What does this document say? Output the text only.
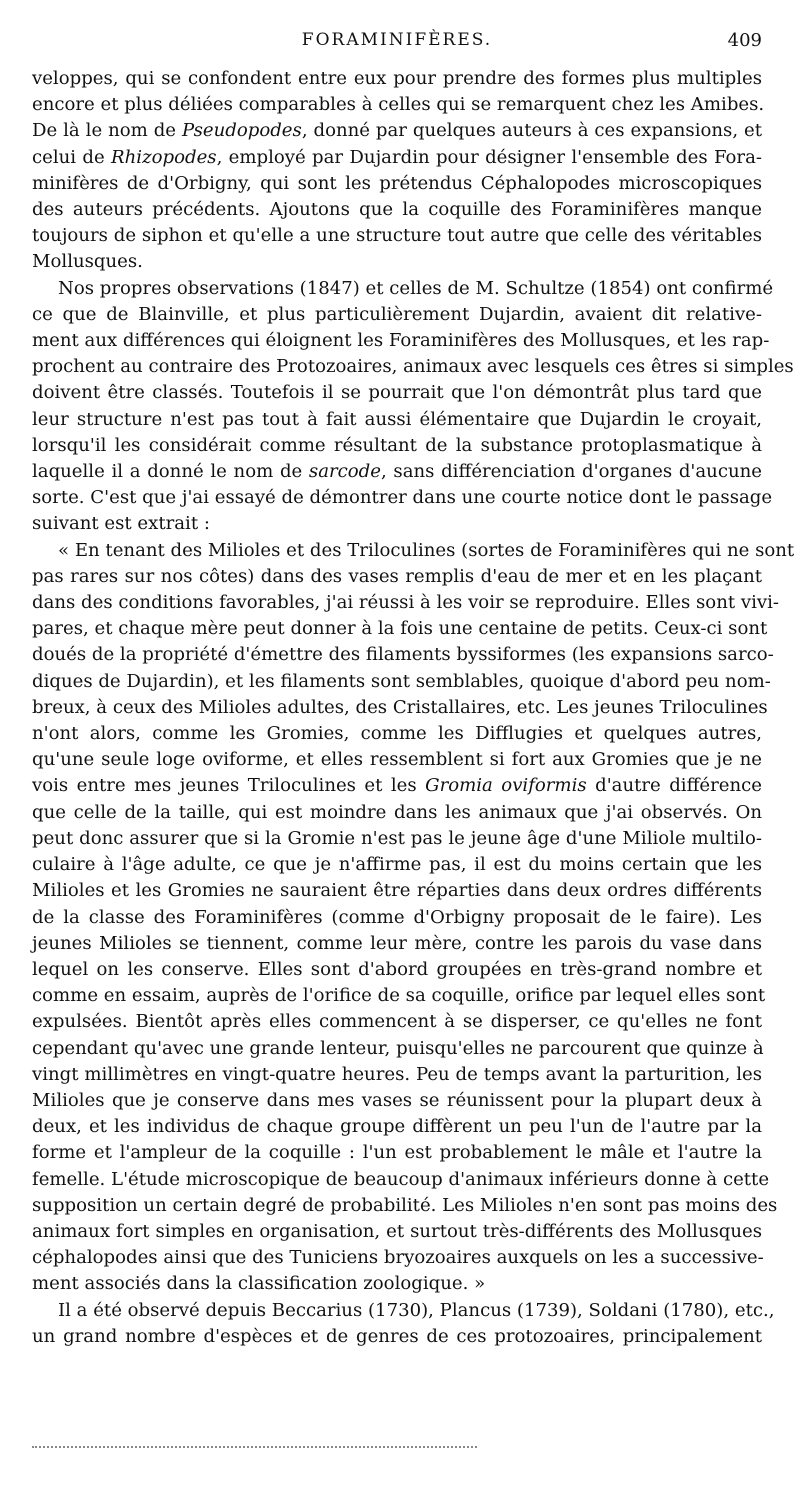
FORAMINIFÈRES.	409
veloppes, qui se confondent entre eux pour prendre des formes plus multiples
encore et plus déliées comparables à celles qui se remarquent chez les Amibes.
De là le nom de Pseudopodes, donné par quelques auteurs à ces expansions, et
celui de Rhizopodes, employé par Dujardin pour désigner l'ensemble des Fora-
minifères de d'Orbigny, qui sont les prétendus Céphalopodes microscopiques
des auteurs précédents. Ajoutons que la coquille des Foraminifères manque
toujours de siphon et qu'elle a une structure tout autre que celle des véritables
Mollusques.
Nos propres observations (1847) et celles de M. Schultze (1854) ont confirmé
ce que de Blainville, et plus particulièrement Dujardin, avaient dit relative-
ment aux différences qui éloignent les Foraminifères des Mollusques, et les rap-
prochent au contraire des Protozoaires, animaux avec lesquels ces êtres si simples
doivent être classés. Toutefois il se pourrait que l'on démontrât plus tard que
leur structure n'est pas tout à fait aussi élémentaire que Dujardin le croyait,
lorsqu'il les considérait comme résultant de la substance protoplasmatique à
laquelle il a donné le nom de sarcode, sans différenciation d'organes d'aucune
sorte. C'est que j'ai essayé de démontrer dans une courte notice dont le passage
suivant est extrait :
« En tenant des Milioles et des Triloculines (sortes de Foraminifères qui ne sont
pas rares sur nos côtes) dans des vases remplis d'eau de mer et en les plaçant
dans des conditions favorables, j'ai réussi à les voir se reproduire. Elles sont vivi-
pares, et chaque mère peut donner à la fois une centaine de petits. Ceux-ci sont
doués de la propriété d'émettre des filaments byssiformes (les expansions sarco-
diques de Dujardin), et les filaments sont semblables, quoique d'abord peu nom-
breux, à ceux des Milioles adultes, des Cristallaires, etc. Les jeunes Triloculines
n'ont alors, comme les Gromies, comme les Difflugies et quelques autres,
qu'une seule loge oviforme, et elles ressemblent si fort aux Gromies que je ne
vois entre mes jeunes Triloculines et les Gromia oviformis d'autre différence
que celle de la taille, qui est moindre dans les animaux que j'ai observés. On
peut donc assurer que si la Gromie n'est pas le jeune âge d'une Miliole multilo-
culaire à l'âge adulte, ce que je n'affirme pas, il est du moins certain que les
Milioles et les Gromies ne sauraient être réparties dans deux ordres différents
de la classe des Foraminifères (comme d'Orbigny proposait de le faire). Les
jeunes Milioles se tiennent, comme leur mère, contre les parois du vase dans
lequel on les conserve. Elles sont d'abord groupées en très-grand nombre et
comme en essaim, auprès de l'orifice de sa coquille, orifice par lequel elles sont
expulsées. Bientôt après elles commencent à se disperser, ce qu'elles ne font
cependant qu'avec une grande lenteur, puisqu'elles ne parcourent que quinze à
vingt millimètres en vingt-quatre heures. Peu de temps avant la parturition, les
Milioles que je conserve dans mes vases se réunissent pour la plupart deux à
deux, et les individus de chaque groupe diffèrent un peu l'un de l'autre par la
forme et l'ampleur de la coquille : l'un est probablement le mâle et l'autre la
femelle. L'étude microscopique de beaucoup d'animaux inférieurs donne à cette
supposition un certain degré de probabilité. Les Milioles n'en sont pas moins des
animaux fort simples en organisation, et surtout très-différents des Mollusques
céphalopodes ainsi que des Tuniciens bryozoaires auxquels on les a successive-
ment associés dans la classification zoologique. »
Il a été observé depuis Beccarius (1730), Plancus (1739), Soldani (1780), etc.,
un grand nombre d'espèces et de genres de ces protozoaires, principalement
